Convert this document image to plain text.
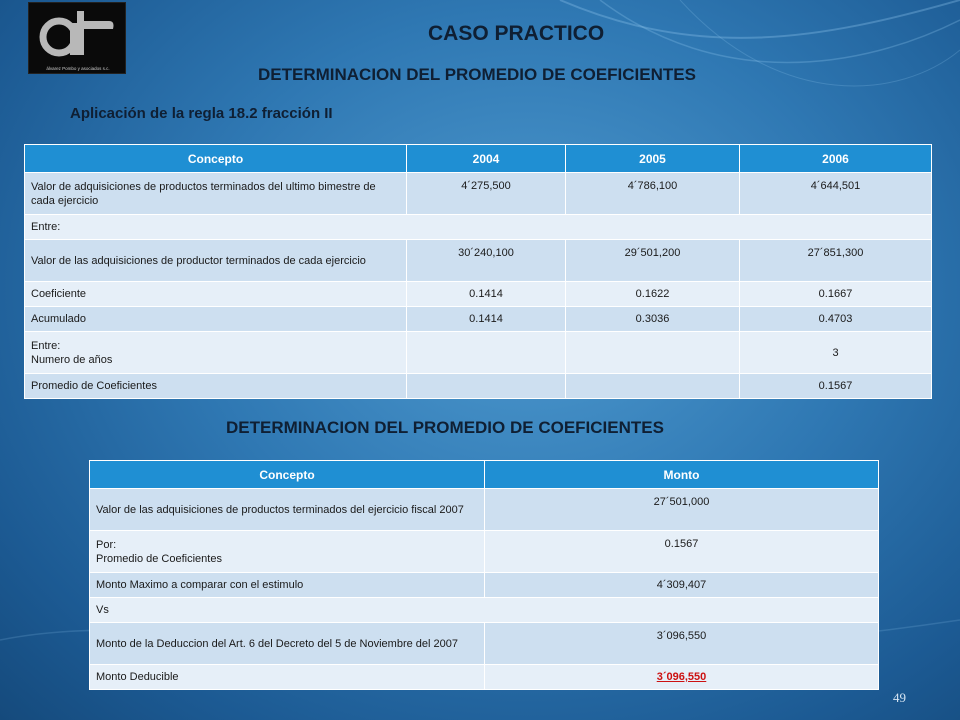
álvarez Pombo y asociados s.c.
CASO PRACTICO
DETERMINACION DEL PROMEDIO DE COEFICIENTES
Aplicación de la regla 18.2 fracción II
Concepto	2004	2005	2006
Valor de adquisiciones de productos terminados del ultimo bimestre de cada ejercicio	4´275,500	4´786,100	4´644,501
Entre:			
Valor de las adquisiciones de productor terminados de cada ejercicio	30´240,100	29´501,200	27´851,300
Coeficiente	0.1414	0.1622	0.1667
Acumulado	0.1414	0.3036	0.4703
Entre:
Numero de años			3
Promedio de Coeficientes			0.1567
DETERMINACION DEL PROMEDIO DE COEFICIENTES
Concepto	Monto
Valor de las adquisiciones de productos terminados del ejercicio fiscal 2007	27´501,000
Por:
Promedio de Coeficientes	0.1567
Monto Maximo a comparar con el estimulo	4´309,407
Vs	
Monto de la Deduccion del Art. 6 del Decreto del 5 de Noviembre del 2007	3´096,550
Monto Deducible	3´096,550
49
